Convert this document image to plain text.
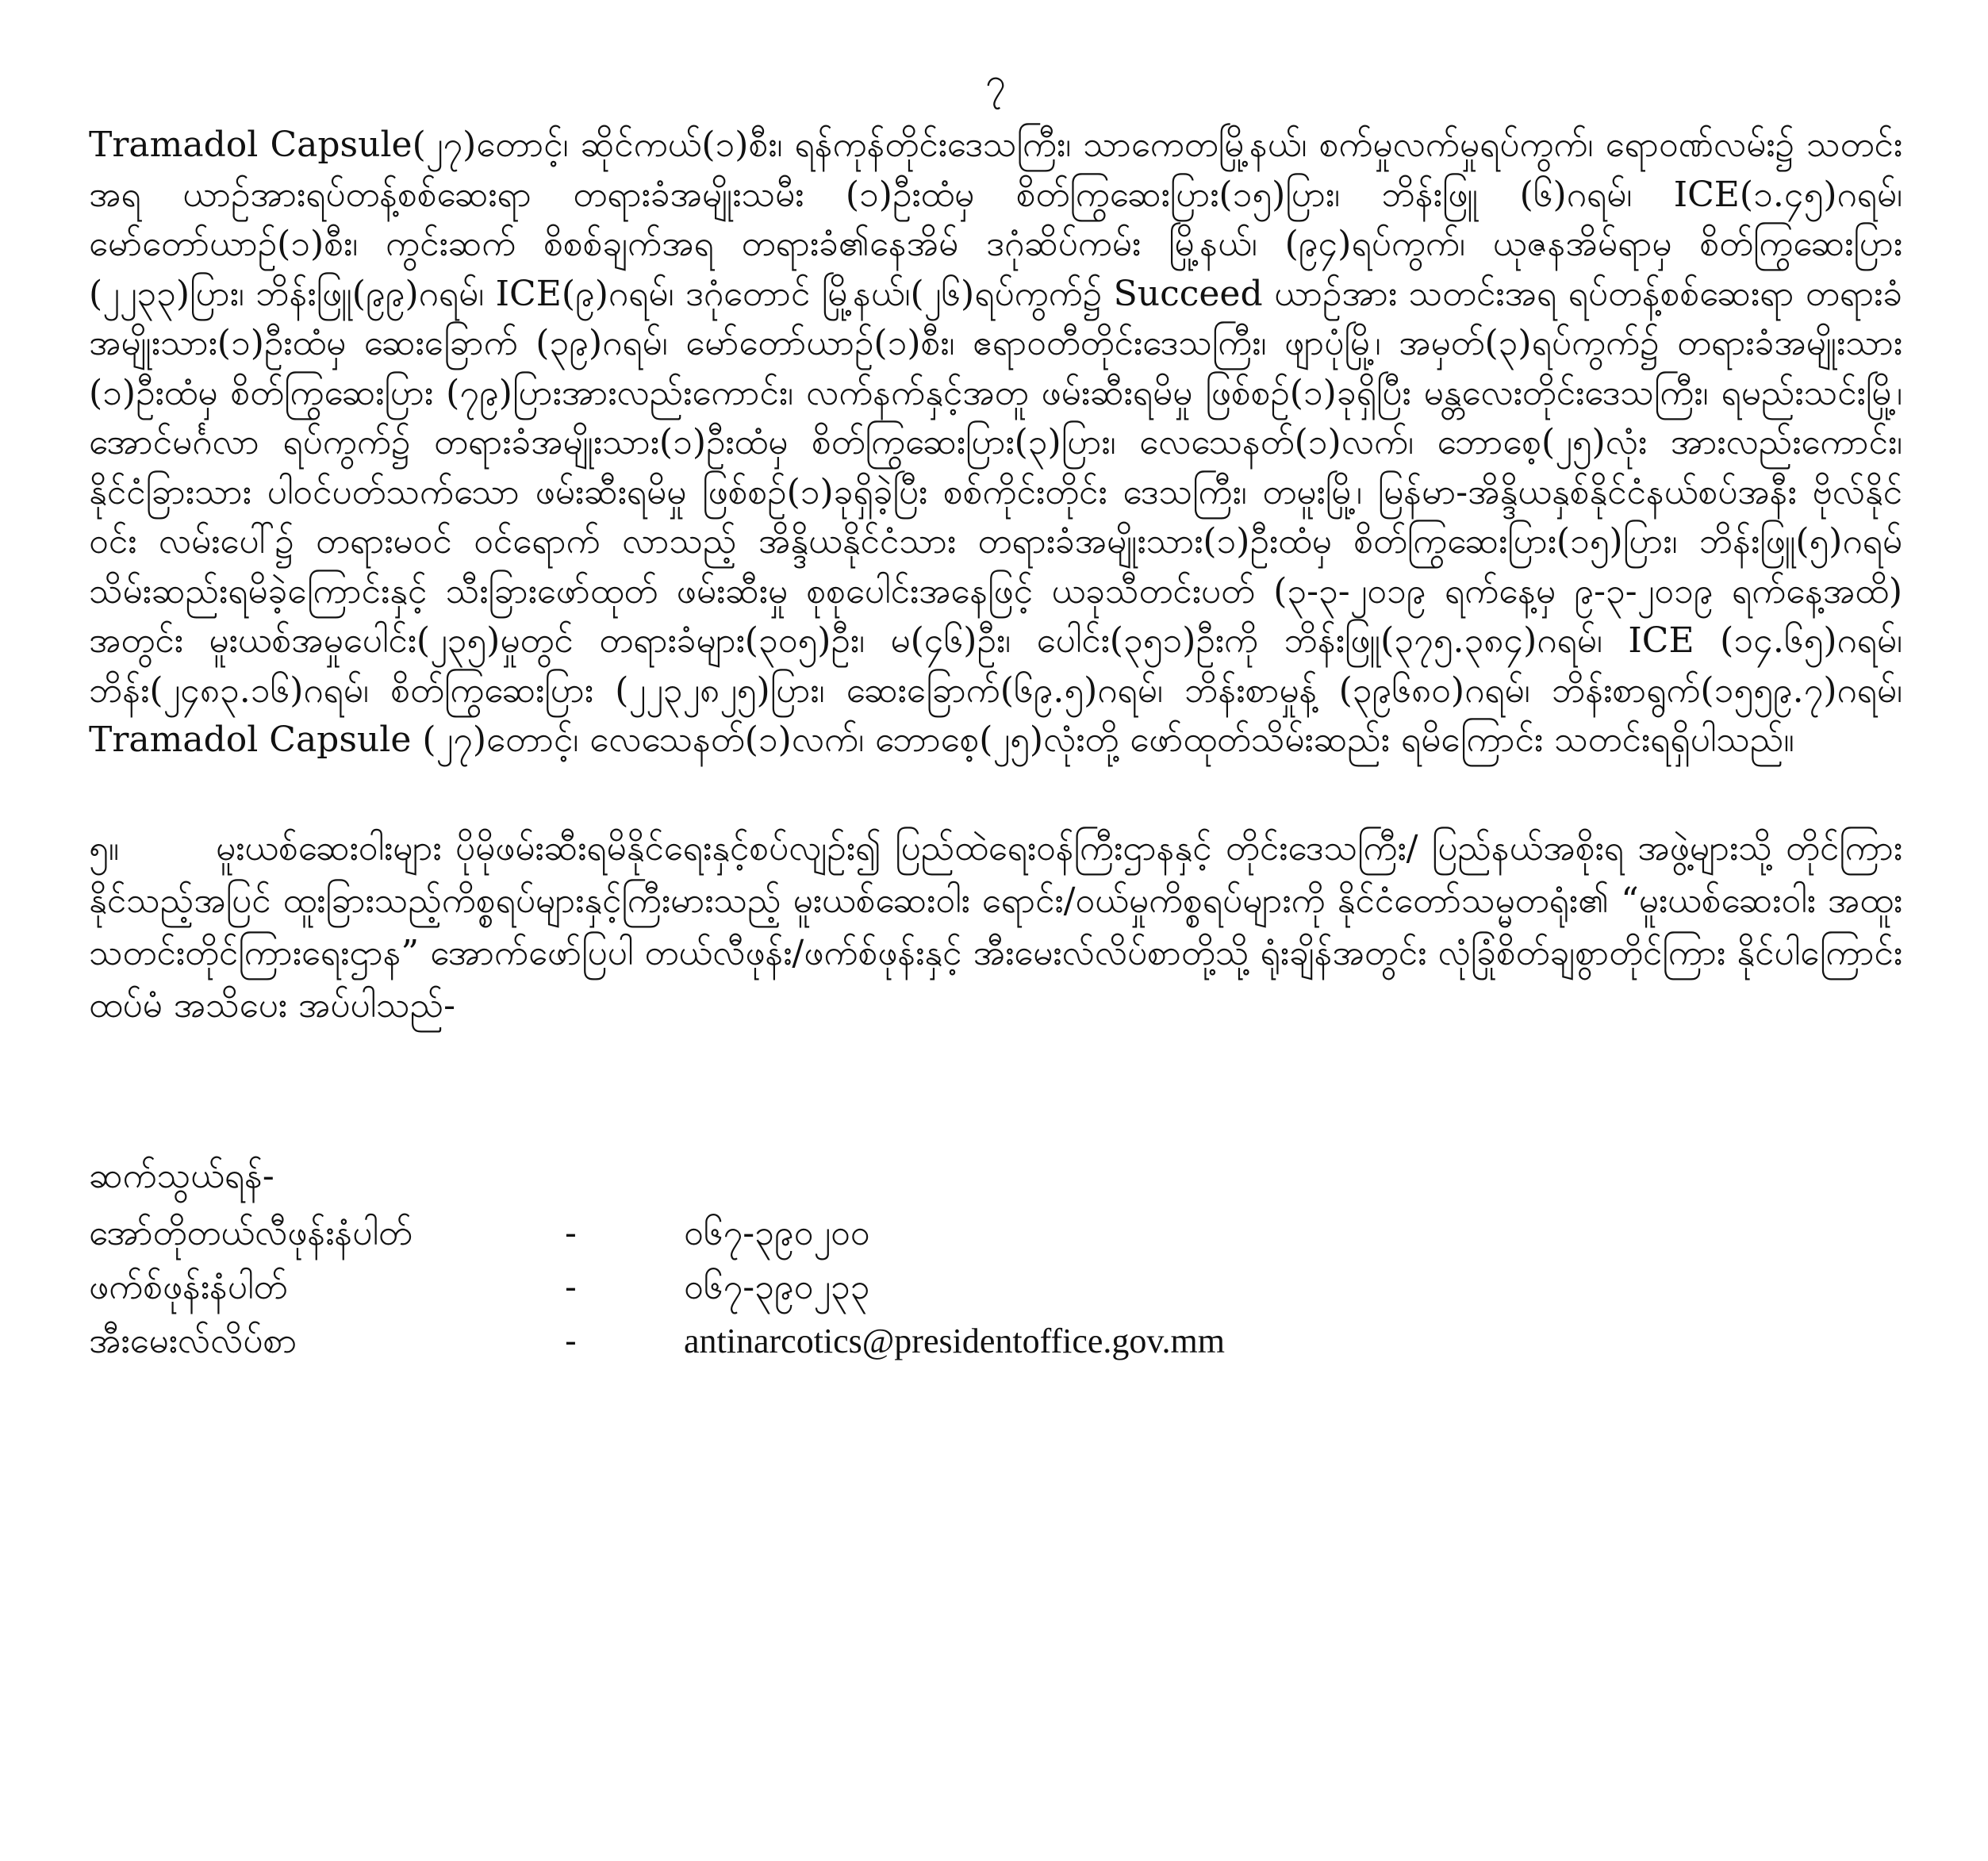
၇

Tramadol Capsule(၂၇)တောင့်၊ ဆိုင်ကယ်(၁)စီး၊ ရန်ကုန်တိုင်းဒေသကြီး၊ သာကေတမြို့နယ်၊ စက်မှုလက်မှုရပ်ကွက်၊ ရောဝဏ်လမ်း၌ သတင်းအရ ယာဉ်အားရပ်တန့်စစ်ဆေးရာ တရားခံအမျိုးသမီး (၁)ဦးထံမှ စိတ်ကြွဆေးပြား(၁၅)ပြား၊ ဘိန်းဖြူ (၆)ဂရမ်၊ ICE(၁.၄၅)ဂရမ်၊ မော်တော်ယာဉ်(၁)စီး၊ ကွင်းဆက် စိစစ်ချက်အရ တရားခံ၏နေအိမ် ဒဂုံဆိပ်ကမ်း မြို့နယ်၊ (၉၄)ရပ်ကွက်၊ ယုဇနအိမ်ရာမှ စိတ်ကြွဆေးပြား (၂၂၃၃)ပြား၊ ဘိန်းဖြူ(၉၉)ဂရမ်၊ ICE(၉)ဂရမ်၊ ဒဂုံတောင် မြို့နယ်၊(၂၆)ရပ်ကွက်၌ Succeed ယာဉ်အား သတင်းအရ ရပ်တန့်စစ်ဆေးရာ တရားခံအမျိုးသား(၁)ဦးထံမှ ဆေးခြောက် (၃၉)ဂရမ်၊ မော်တော်ယာဉ်(၁)စီး၊ ဧရာဝတီတိုင်းဒေသကြီး၊ ဖျာပုံမြို့၊ အမှတ်(၃)ရပ်ကွက်၌ တရားခံအမျိုးသား (၁)ဦးထံမှ စိတ်ကြွဆေးပြား (၇၉)ပြားအားလည်းကောင်း၊ လက်နက်နှင့်အတူ ဖမ်းဆီးရမိမှု ဖြစ်စဉ်(၁)ခုရှိပြီး မန္တလေးတိုင်းဒေသကြီး၊ ရမည်းသင်းမြို့၊ အောင်မင်္ဂလာ ရပ်ကွက်၌ တရားခံအမျိုးသား(၁)ဦးထံမှ စိတ်ကြွဆေးပြား(၃)ပြား၊ လေသေနတ်(၁)လက်၊ ဘောစေ့(၂၅)လုံး အားလည်းကောင်း၊ နိုင်ငံခြားသား ပါဝင်ပတ်သက်သော ဖမ်းဆီးရမိမှု ဖြစ်စဉ်(၁)ခုရှိခဲ့ပြီး စစ်ကိုင်းတိုင်း ဒေသကြီး၊ တမူးမြို့၊ မြန်မာ-အိန္ဒိယနှစ်နိုင်ငံနယ်စပ်အနီး ဗိုလ်နိုင်ဝင်း လမ်းပေါ်၌ တရားမဝင် ဝင်ရောက် လာသည့် အိန္ဒိယနိုင်ငံသား တရားခံအမျိုးသား(၁)ဦးထံမှ စိတ်ကြွဆေးပြား(၁၅)ပြား၊ ဘိန်းဖြူ(၅)ဂရမ် သိမ်းဆည်းရမိခဲ့ကြောင်းနှင့် သီးခြားဖော်ထုတ် ဖမ်းဆီးမှု စုစုပေါင်းအနေဖြင့် ယခုသီတင်းပတ် (၃-၃-၂၀၁၉ ရက်နေ့မှ ၉-၃-၂၀၁၉ ရက်နေ့အထိ) အတွင်း မူးယစ်အမှုပေါင်း(၂၃၅)မှုတွင် တရားခံများ(၃၀၅)ဦး၊ မ(၄၆)ဦး၊ ပေါင်း(၃၅၁)ဦးကို ဘိန်းဖြူ(၃၇၅.၃၈၄)ဂရမ်၊ ICE (၁၄.၆၅)ဂရမ်၊ ဘိန်း(၂၄၈၃.၁၆)ဂရမ်၊ စိတ်ကြွဆေးပြား (၂၂၃၂၈၂၅)ပြား၊ ဆေးခြောက်(၆၉.၅)ဂရမ်၊ ဘိန်းစာမှုန့် (၃၉၆၈၀)ဂရမ်၊ ဘိန်းစာရွက်(၁၅၅၉.၇)ဂရမ်၊ Tramadol Capsule (၂၇)တောင့်၊ လေသေနတ်(၁)လက်၊ ဘောစေ့(၂၅)လုံးတို့ ဖော်ထုတ်သိမ်းဆည်း ရမိကြောင်း သတင်းရရှိပါသည်။

၅။	မူးယစ်ဆေးဝါးများ ပိုမိုဖမ်းဆီးရမိနိုင်ရေးနှင့်စပ်လျဉ်း၍ ပြည်ထဲရေးဝန်ကြီးဌာနနှင့် တိုင်းဒေသကြီး/ ပြည်နယ်အစိုးရ အဖွဲ့များသို့ တိုင်ကြားနိုင်သည့်အပြင် ထူးခြားသည့်ကိစ္စရပ်များနှင့်ကြီးမားသည့် မူးယစ်ဆေးဝါး ရောင်း/ဝယ်မှုကိစ္စရပ်များကို နိုင်ငံတော်သမ္မတရုံး၏ “မူးယစ်ဆေးဝါး အထူးသတင်းတိုင်ကြားရေးဌာန” အောက်ဖော်ပြပါ တယ်လီဖုန်း/ဖက်စ်ဖုန်းနှင့် အီးမေးလ်လိပ်စာတို့သို့ ရုံးချိန်အတွင်း လုံခြုံစိတ်ချစွာတိုင်ကြား နိုင်ပါကြောင်း ထပ်မံ အသိပေး အပ်ပါသည်-

ဆက်သွယ်ရန်-
အော်တိုတယ်လီဖုန်းနံပါတ်	-	၀၆၇-၃၉၀၂၀၀
ဖက်စ်ဖုန်းနံပါတ်	-	၀၆၇-၃၉၀၂၃၃
အီးမေးလ်လိပ်စာ	-	antinarcotics@presidentoffice.gov.mm
